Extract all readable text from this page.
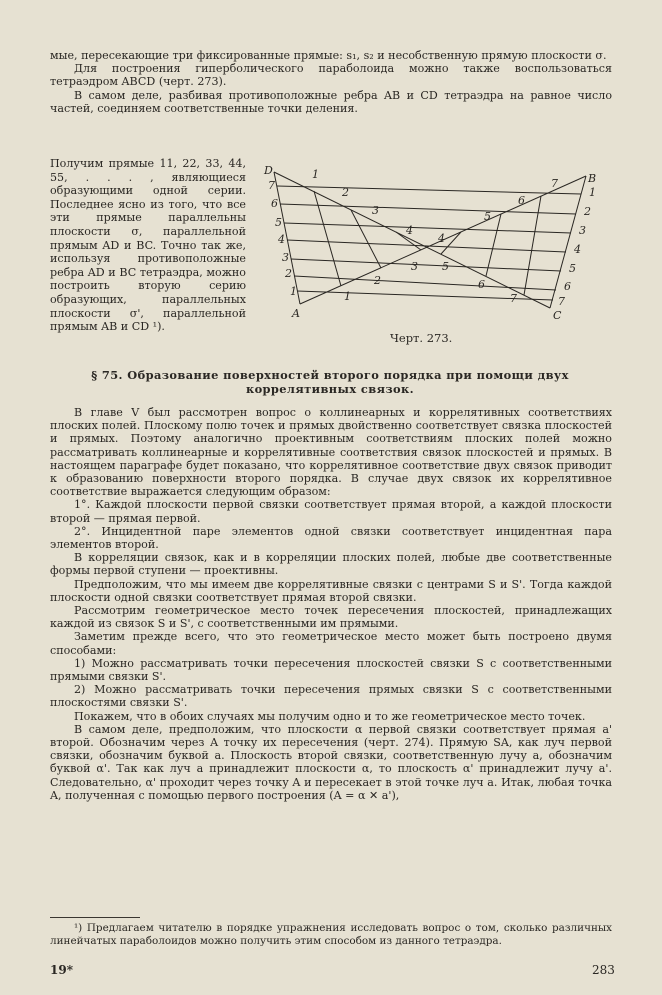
мые, пересекающие три фиксированные прямые: s₁, s₂ и несобственную прямую плоскости σ.

Для построения гиперболического параболоида можно также воспользоваться тетраэдром ABCD (черт. 273).

В самом деле, разбивая противоположные ребра AB и CD тетраэдра на равное число частей, соединяем соответственные точки деления.

Получим прямые 11, 22, 33, 44, 55, . . . , являющиеся образующими одной серии. Последнее ясно из того, что все эти прямые параллельны плоскости σ, параллельной прямым AD и BC. Точно так же, используя противоположные ребра AD и BC тетраэдра, можно построить вторую серию образующих, параллельных плоскости σ', параллельной прямым AB и CD ¹).

D
B
A	C
7
6
5
4
3
2
1
1
2
3
4
5
6
7
1
2
3
4
5
6
7
1
2
3
4
5
6
7
Черт. 273.
§ 75. Образование поверхностей второго порядка при помощи двух коррелятивных связок.

В главе V был рассмотрен вопрос о коллинеарных и коррелятивных соответствиях плоских полей. Плоскому полю точек и прямых двойственно соответствует связка плоскостей и прямых. Поэтому аналогично проективным соответствиям плоских полей можно рассматривать коллинеарные и коррелятивные соответствия связок плоскостей и прямых. В настоящем параграфе будет показано, что коррелятивное соответствие двух связок приводит к образованию поверхности второго порядка. В случае двух связок их коррелятивное соответствие выражается следующим образом:

1°. Каждой плоскости первой связки соответствует прямая второй, а каждой плоскости второй — прямая первой.

2°. Инцидентной паре элементов одной связки соответствует инцидентная пара элементов второй.

В корреляции связок, как и в корреляции плоских полей, любые две соответственные формы первой ступени — проективны.

Предположим, что мы имеем две коррелятивные связки с центрами S и S'. Тогда каждой плоскости одной связки соответствует прямая второй связки.

Рассмотрим геометрическое место точек пересечения плоскостей, принадлежащих каждой из связок S и S', с соответственными им прямыми.

Заметим прежде всего, что это геометрическое место может быть построено двумя способами:

1) Можно рассматривать точки пересечения плоскостей связки S с соответственными прямыми связки S'.

2) Можно рассматривать точки пересечения прямых связки S с соответственными плоскостями связки S'.

Покажем, что в обоих случаях мы получим одно и то же геометрическое место точек.

В самом деле, предположим, что плоскости α первой связки соответствует прямая a' второй. Обозначим через A точку их пересечения (черт. 274). Прямую SA, как луч первой связки, обозначим буквой a. Плоскость второй связки, соответственную лучу a, обозначим буквой α'. Так как луч a принадлежит плоскости α, то плоскость α' принадлежит лучу a'. Следовательно, α' проходит через точку A и пересекает в этой точке луч a. Итак, любая точка A, полученная с помощью первого построения (A = α ✕ a'),

¹) Предлагаем читателю в порядке упражнения исследовать вопрос о том, сколько различных линейчатых параболоидов можно получить этим способом из данного тетраэдра.

19*	283
